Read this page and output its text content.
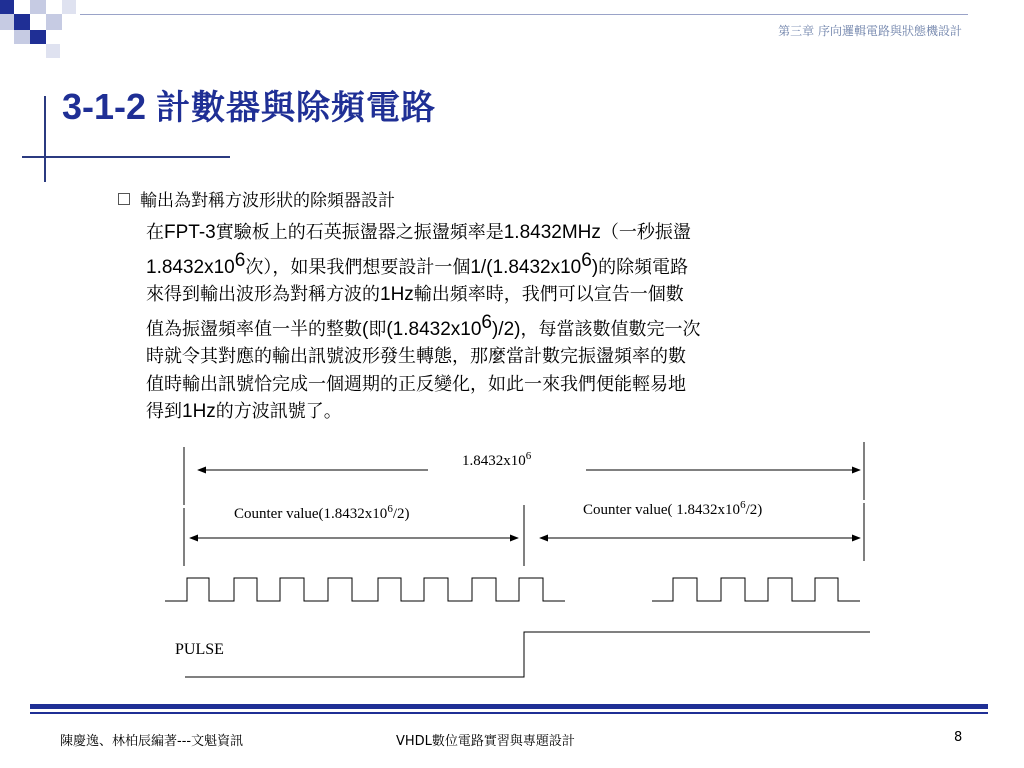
第三章 序向邏輯電路與狀態機設計
3-1-2 計數器與除頻電路
輸出為對稱方波形狀的除頻器設計
在FPT-3實驗板上的石英振盪器之振盪頻率是1.8432MHz（一秒振盪
$1.8432x10^6$次），如果我們想要設計一個$1/(1.8432x10^6)$的除頻電路
來得到輸出波形為對稱方波的1Hz輸出頻率時，我們可以宣告一個數
值為振盪頻率值一半的整數(即$(1.8432x10^6)/2$)，每當該數值數完一次
時就令其對應的輸出訊號波形發生轉態，那麼當計數完振盪頻率的數
值時輸出訊號恰完成一個週期的正反變化，如此一來我們便能輕易地
得到1Hz的方波訊號了。
$1.8432x10^6$
Counter $value(1.8432x10^6/2)$	Counter value( $1.8432x10^6/2$)
PULSE
陳慶逸、林柏辰編著---文魁資訊	VHDL數位電路實習與專題設計	8
